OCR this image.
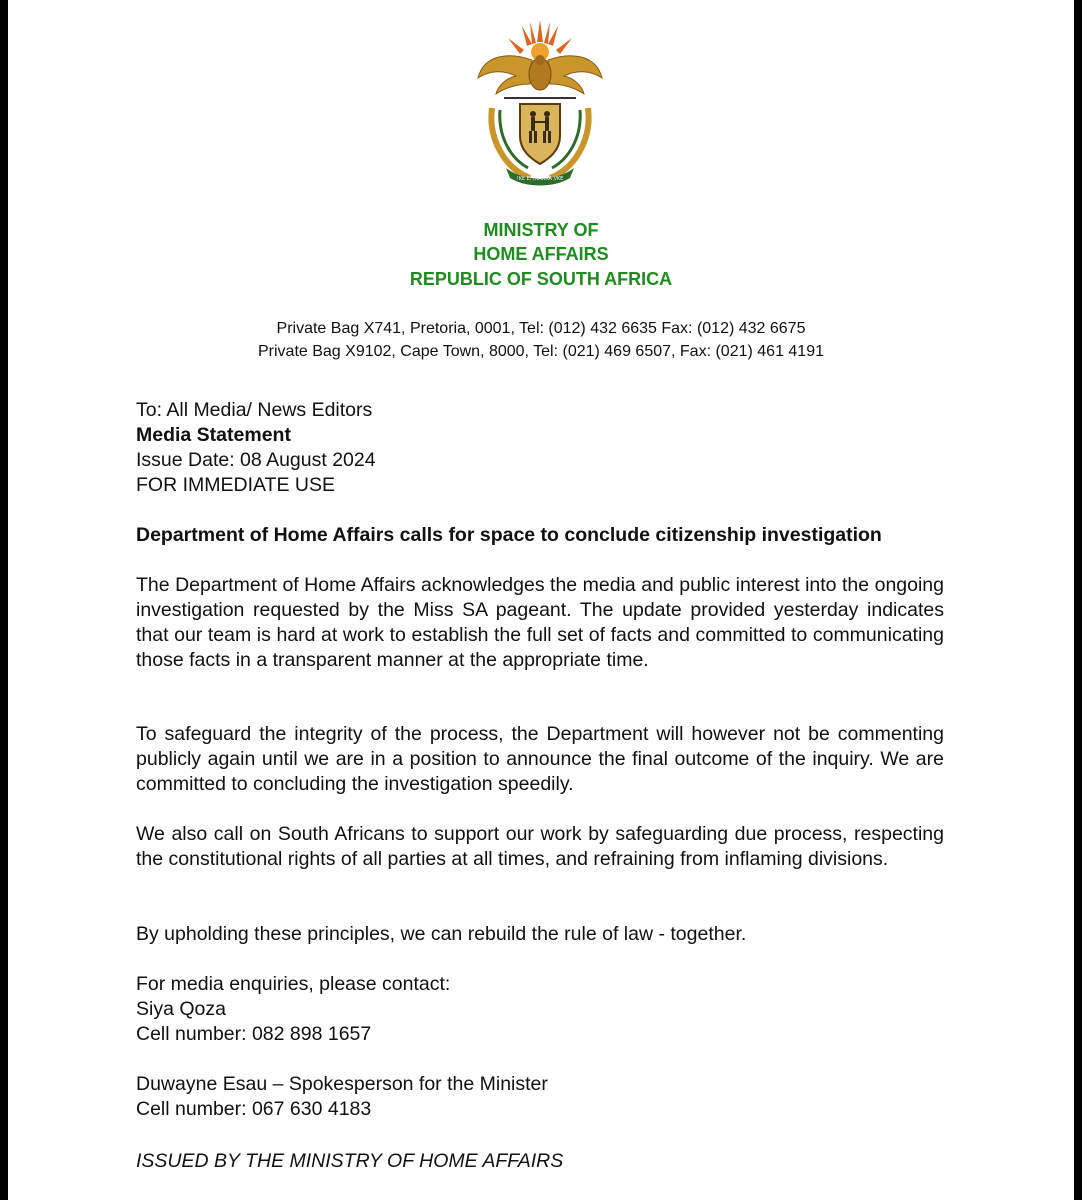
!KE E: /XARRA //KE
MINISTRY OF
HOME AFFAIRS
REPUBLIC OF SOUTH AFRICA
Private Bag X741, Pretoria, 0001, Tel: (012) 432 6635 Fax: (012) 432 6675
Private Bag X9102, Cape Town, 8000, Tel: (021) 469 6507, Fax: (021) 461 4191
To: All Media/ News Editors
Media Statement
Issue Date: 08 August 2024
FOR IMMEDIATE USE
Department of Home Affairs calls for space to conclude citizenship investigation
The Department of Home Affairs acknowledges the media and public interest into the ongoing investigation requested by the Miss SA pageant. The update provided yesterday indicates that our team is hard at work to establish the full set of facts and committed to communicating those facts in a transparent manner at the appropriate time.
To safeguard the integrity of the process, the Department will however not be commenting publicly again until we are in a position to announce the final outcome of the inquiry. We are committed to concluding the investigation speedily.
We also call on South Africans to support our work by safeguarding due process, respecting the constitutional rights of all parties at all times, and refraining from inflaming divisions.
By upholding these principles, we can rebuild the rule of law - together.
For media enquiries, please contact:
Siya Qoza
Cell number: 082 898 1657
Duwayne Esau – Spokesperson for the Minister
Cell number: 067 630 4183
ISSUED BY THE MINISTRY OF HOME AFFAIRS
